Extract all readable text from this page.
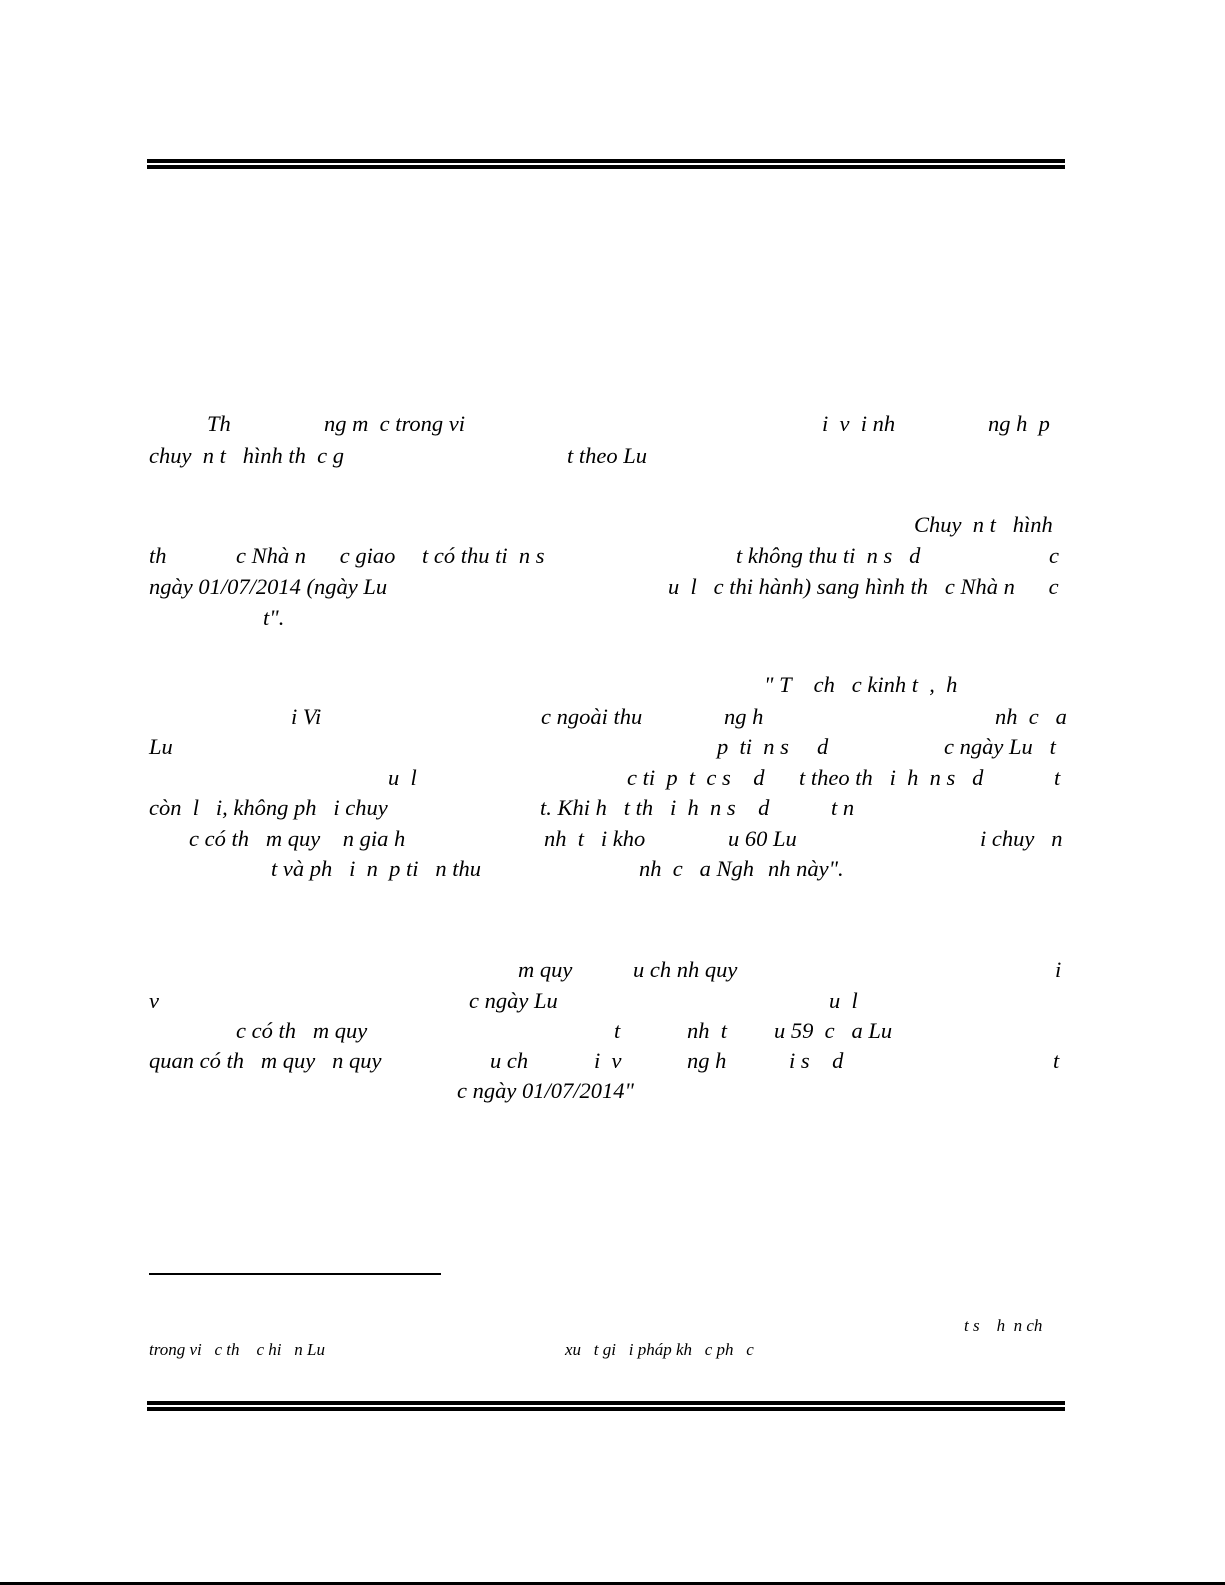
Th	ng m  c trong vi	i  v  i nh	ng h  p
chuy  n t   hình th  c g	t theo Lu
Chuy  n t   hình
th	c Nhà n      c giao t có thu ti  n s	t không thu ti  n s   d	c
ngày 01/07/2014 (ngày Lu	u  l   c thi hành) sang hình th   c Nhà n      c
t".
" T    ch   c kinh t  ,  h
i Vi	c ngoài thu	ng h	nh  c   a
Lu	p  ti  n s     d	c ngày Lu   t
u  l	c ti  p  t  c s    d t theo th   i  h  n s   d	t
còn  l   i, không ph   i chuy	t. Khi h   t th   i  h  n s    d	t n
c có th   m quy    n gia h	nh  t   i kho	u 60 Lu	i chuy   n
t và ph   i  n  p ti   n thu	nh  c   a Ngh nh này".
m quy	u ch nh quy	i
v	c ngày Lu	u  l
c có th   m quy	t	nh  t u 59  c   a Lu
quan có th   m quy   n quy	u ch	i  v	ng h	i s    d	t
c ngày 01/07/2014"
t s    h  n ch
trong vi   c th    c hi   n Lu	xu   t gi   i pháp kh   c ph   c
